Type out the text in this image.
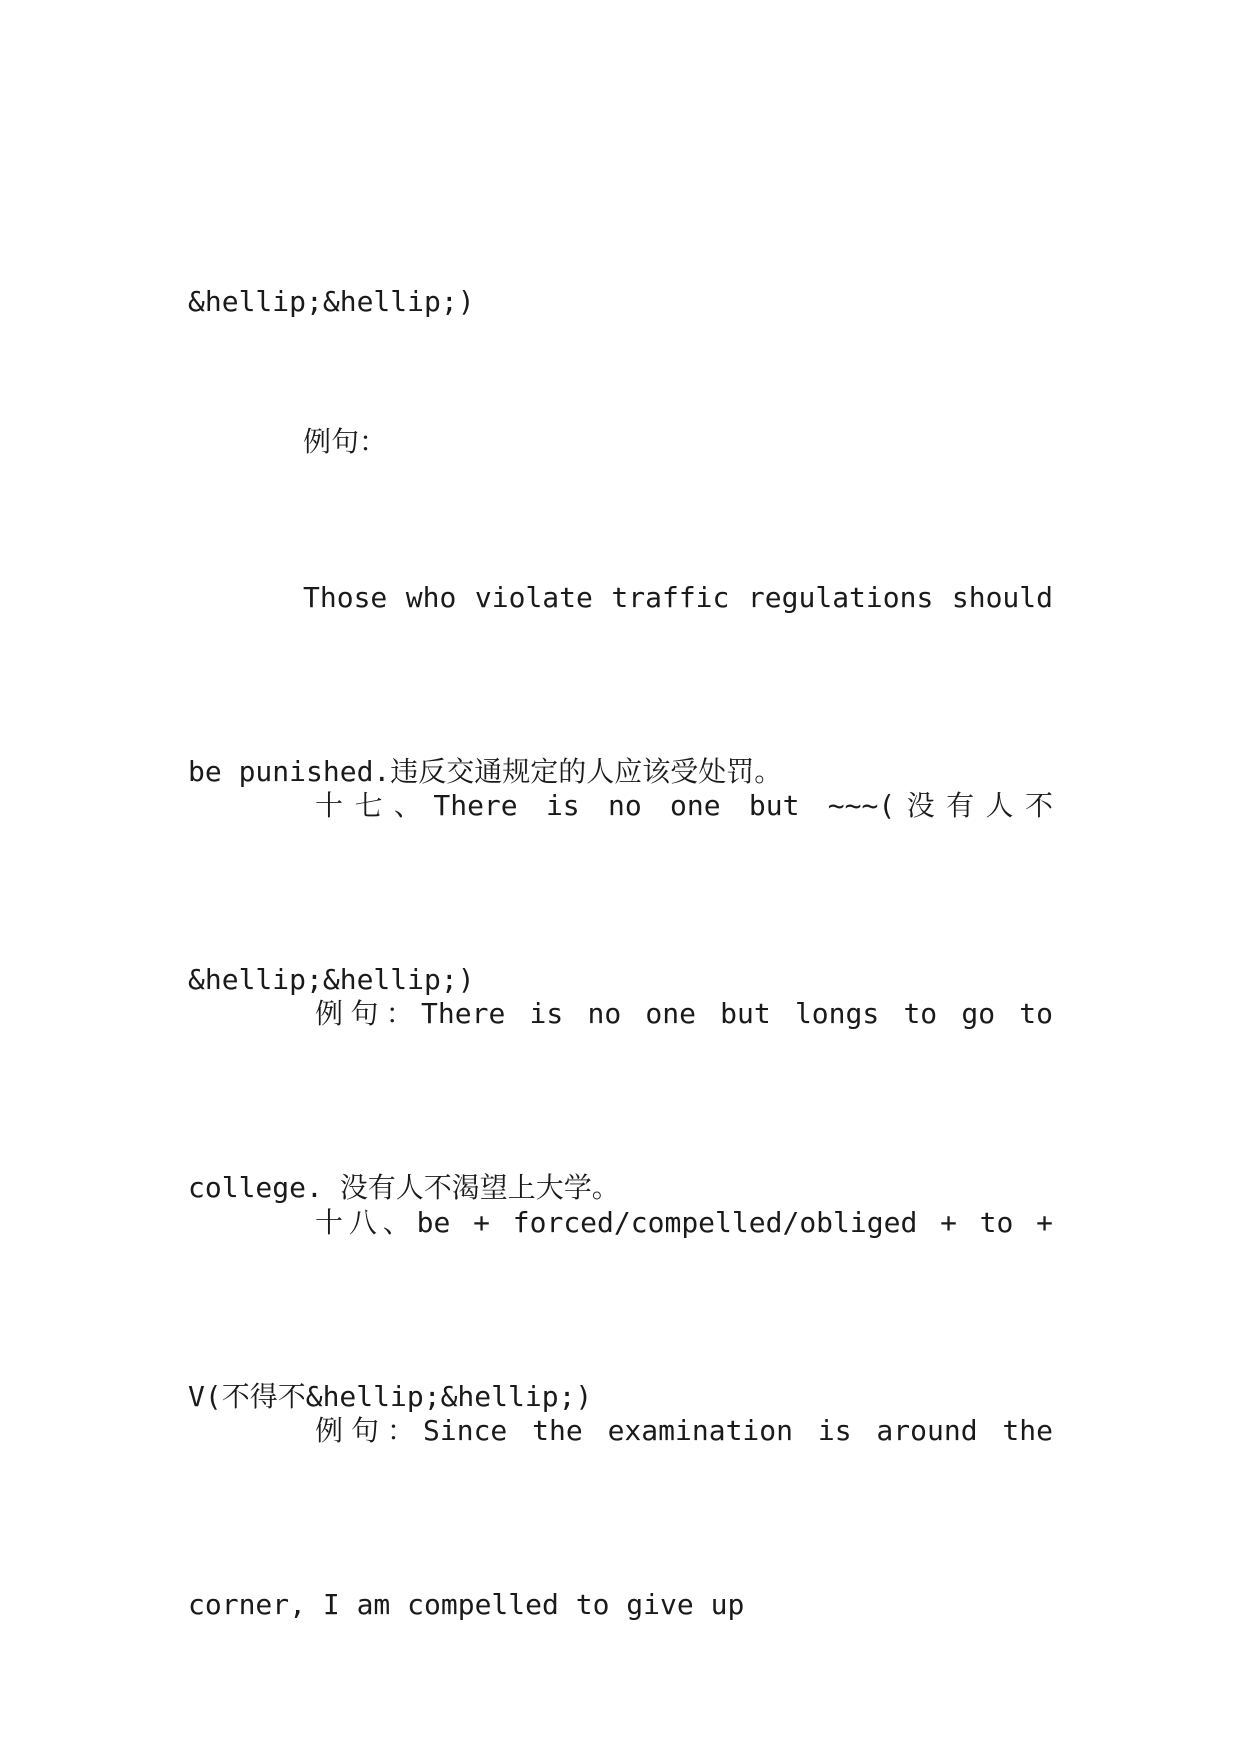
&hellip;&hellip;)

例句：

Those who violate traffic regulations should

be punished.违反交通规定的人应该受处罚。

十七、There is no one but ~~~(没有人不

&hellip;&hellip;)

例句：There is no one but longs to go to

college. 没有人不渴望上大学。

十八、be + forced/compelled/obliged + to +

V(不得不&hellip;&hellip;)

例句：Since the examination is around the

corner, I am compelled to give up
